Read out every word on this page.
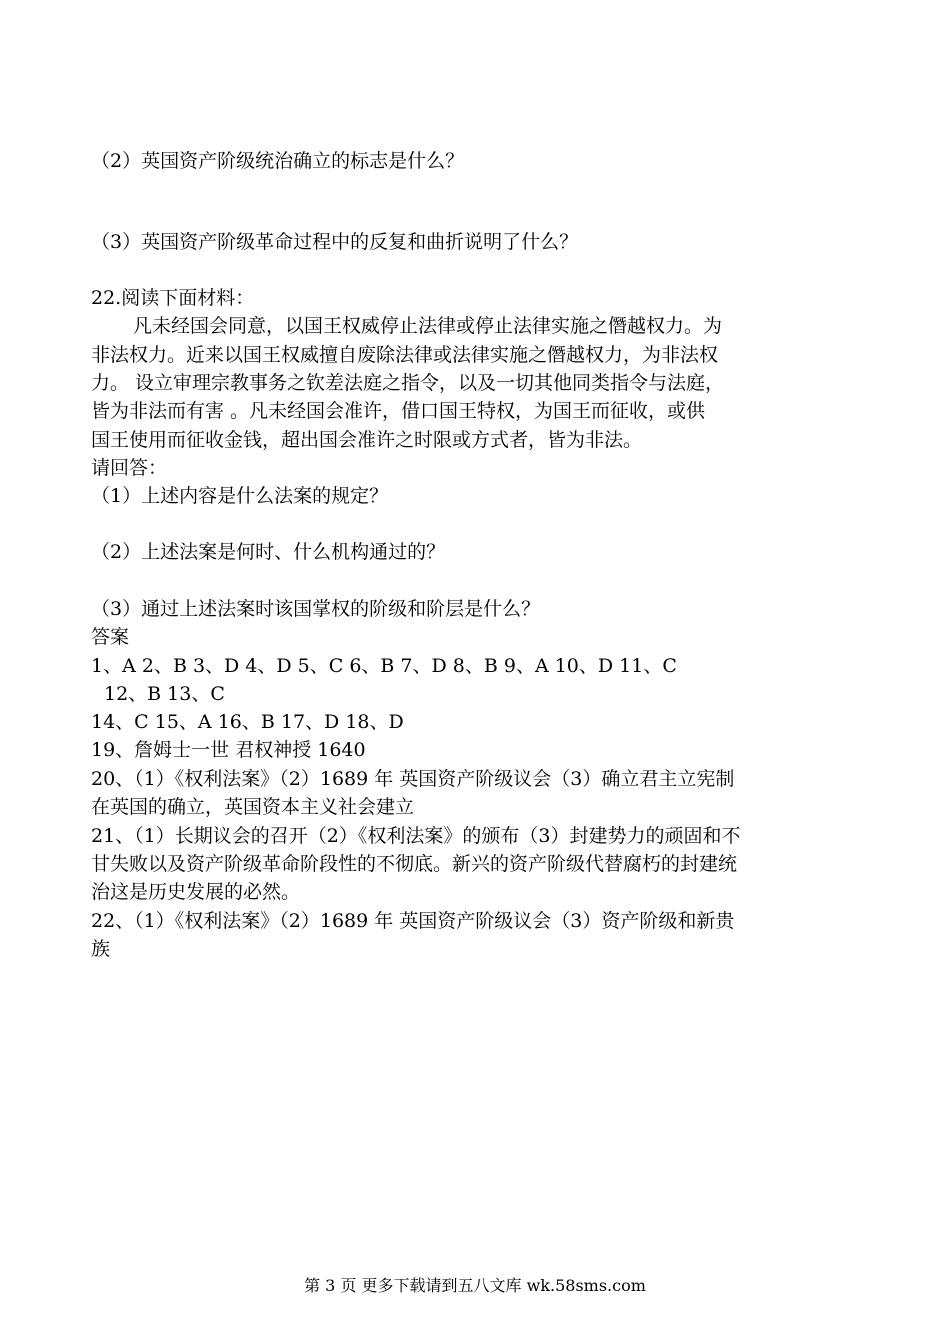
（2）英国资产阶级统治确立的标志是什么？
（3）英国资产阶级革命过程中的反复和曲折说明了什么？
22.阅读下面材料：
凡未经国会同意，以国王权威停止法律或停止法律实施之僭越权力。为
非法权力。近来以国王权威擅自废除法律或法律实施之僭越权力，为非法权
力。 设立审理宗教事务之钦差法庭之指令，以及一切其他同类指令与法庭，
皆为非法而有害 。凡未经国会准许，借口国王特权，为国王而征收，或供
国王使用而征收金钱，超出国会准许之时限或方式者，皆为非法。
请回答：
（1）上述内容是什么法案的规定？
（2）上述法案是何时、什么机构通过的？
（3）通过上述法案时该国掌权的阶级和阶层是什么？
答案
1、A 2、B 3、D 4、D 5、C 6、B 7、D 8、B 9、A 10、D 11、C
12、B 13、C
14、C 15、A 16、B 17、D 18、D
19、詹姆士一世 君权神授 1640
20、（1）《权利法案》（2）1689 年 英国资产阶级议会（3）确立君主立宪制
在英国的确立，英国资本主义社会建立
21、（1）长期议会的召开（2）《权利法案》的颁布（3）封建势力的顽固和不
甘失败以及资产阶级革命阶段性的不彻底。新兴的资产阶级代替腐朽的封建统
治这是历史发展的必然。
22、（1）《权利法案》（2）1689 年 英国资产阶级议会（3）资产阶级和新贵
族
第 3 页 更多下载请到五八文库 wk.58sms.com
